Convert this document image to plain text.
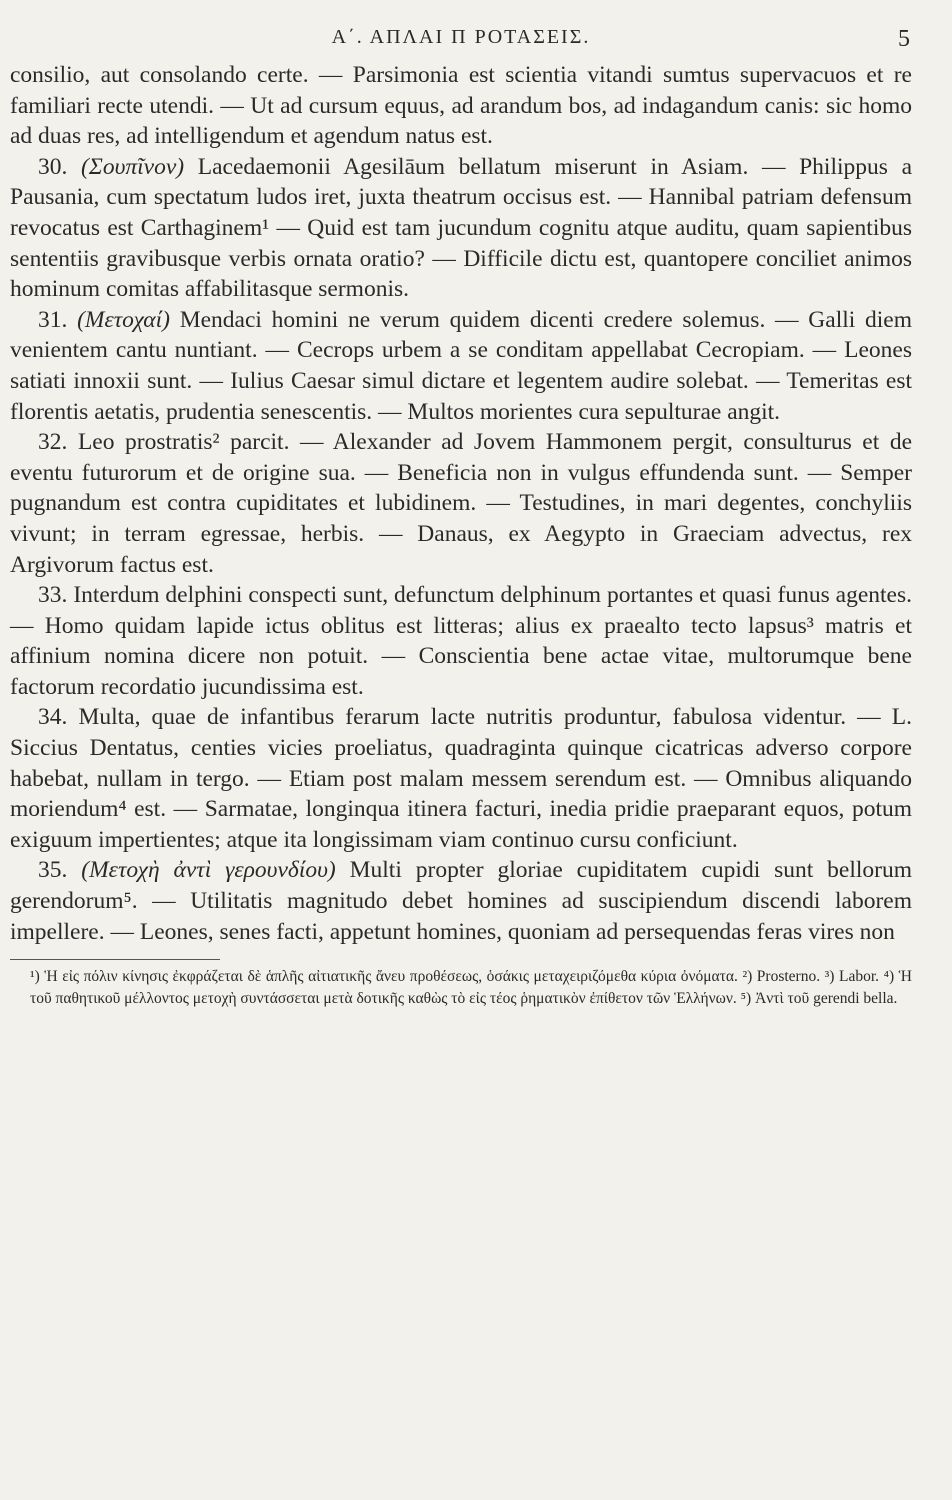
Α΄. ΑΠΛΑΙ Π ΡΟΤΑΣΕΙΣ.	5

consilio, aut consolando certe. — Parsimonia est scientia vitandi sumtus supervacuos et re familiari recte utendi. — Ut ad cursum equus, ad arandum bos, ad indagandum canis: sic homo ad duas res, ad intelligendum et agendum natus est.

30. (Σουπῖνον) Lacedaemonii Agesilāum bellatum miserunt in Asiam. — Philippus a Pausania, cum spectatum ludos iret, juxta theatrum occisus est. — Hannibal patriam defensum revocatus est Carthaginem¹ — Quid est tam jucundum cognitu atque auditu, quam sapientibus sententiis gravibusque verbis ornata oratio? — Difficile dictu est, quantopere conciliet animos hominum comitas affabilitasque sermonis.

31. (Μετοχαί) Mendaci homini ne verum quidem dicenti credere solemus. — Galli diem venientem cantu nuntiant. — Cecrops urbem a se conditam appellabat Cecropiam. — Leones satiati innoxii sunt. — Iulius Caesar simul dictare et legentem audire solebat. — Temeritas est florentis aetatis, prudentia senescentis. — Multos morientes cura sepulturae angit.

32. Leo prostratis² parcit. — Alexander ad Jovem Hammonem pergit, consulturus et de eventu futurorum et de origine sua. — Beneficia non in vulgus effundenda sunt. — Semper pugnandum est contra cupiditates et lubidinem. — Testudines, in mari degentes, conchyliis vivunt; in terram egressae, herbis. — Danaus, ex Aegypto in Graeciam advectus, rex Argivorum factus est.

33. Interdum delphini conspecti sunt, defunctum delphinum portantes et quasi funus agentes. — Homo quidam lapide ictus oblitus est litteras; alius ex praealto tecto lapsus³ matris et affinium nomina dicere non potuit. — Conscientia bene actae vitae, multorumque bene factorum recordatio jucundissima est.

34. Multa, quae de infantibus ferarum lacte nutritis produntur, fabulosa videntur. — L. Siccius Dentatus, centies vicies proeliatus, quadraginta quinque cicatricas adverso corpore habebat, nullam in tergo. — Etiam post malam messem serendum est. — Omnibus aliquando moriendum⁴ est. — Sarmatae, longinqua itinera facturi, inedia pridie praeparant equos, potum exiguum impertientes; atque ita longissimam viam continuo cursu conficiunt.

35. (Μετοχὴ ἀντὶ γερουνδίου) Multi propter gloriae cupiditatem cupidi sunt bellorum gerendorum⁵. — Utilitatis magnitudo debet homines ad suscipiendum discendi laborem impellere. — Leones, senes facti, appetunt homines, quoniam ad persequendas feras vires non

¹) Ἡ εἰς πόλιν κίνησις ἐκφράζεται δὲ ἁπλῆς αἰτιατικῆς ἄνευ προθέσεως, ὁσάκις μεταχειριζόμεθα κύρια ὀνόματα. ²) Prosterno. ³) Labor. ⁴) Ἡ τοῦ παθητικοῦ μέλλοντος μετοχὴ συντάσσεται μετὰ δοτικῆς καθὼς τὸ εἰς τέος ῥηματικὸν ἐπίθετον τῶν Ἑλλήνων. ⁵) Ἀντὶ τοῦ gerendi bella.
